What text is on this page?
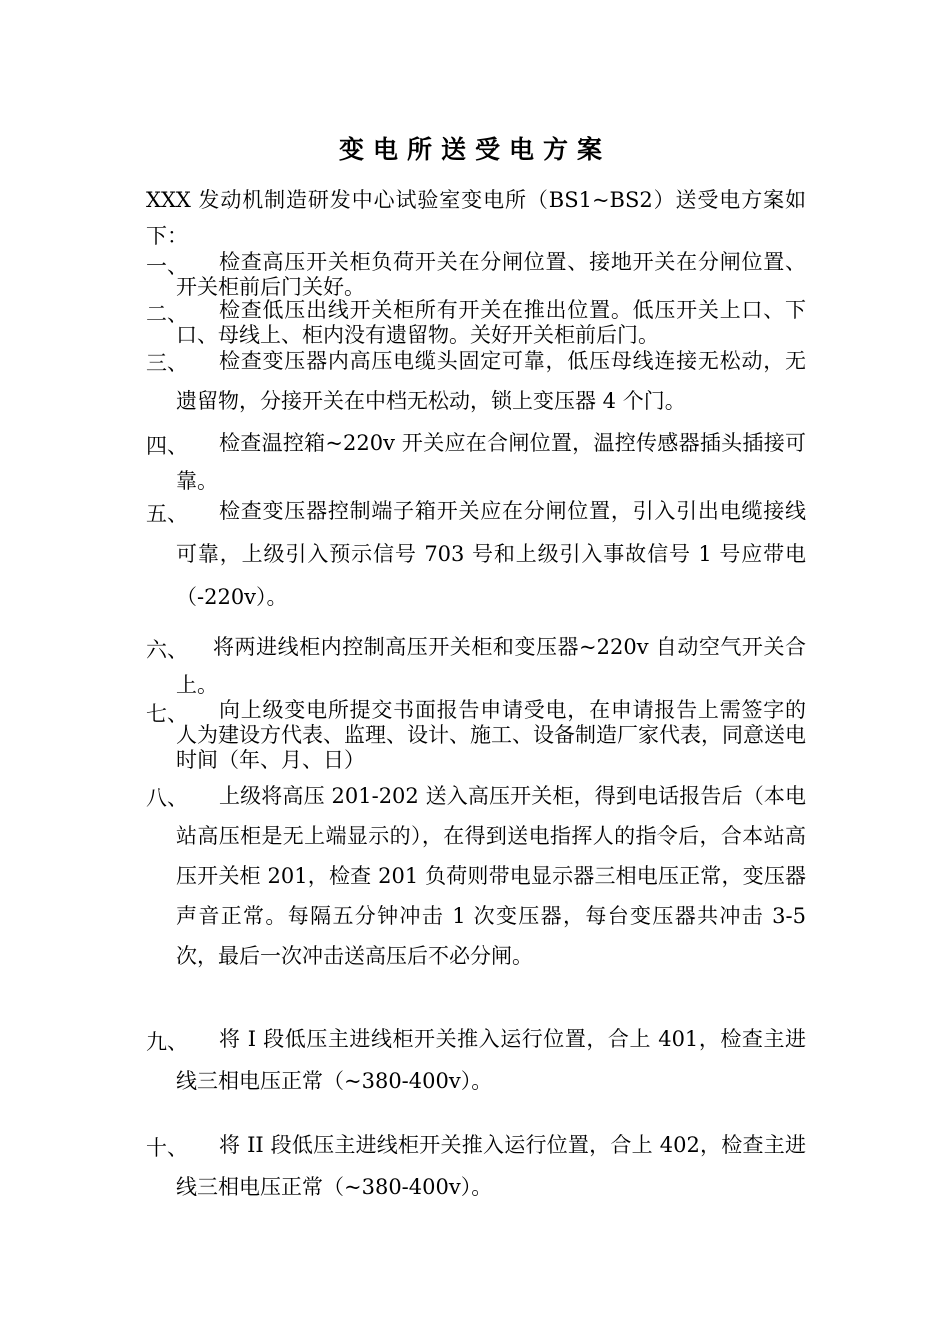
变电所送受电方案
XXX 发动机制造研发中心试验室变电所（BS1~BS2）送受电方案如下：
一、	检查高压开关柜负荷开关在分闸位置、接地开关在分闸位置、开关柜前后门关好。

二、	检查低压出线开关柜所有开关在推出位置。低压开关上口、下口、母线上、柜内没有遗留物。关好开关柜前后门。

三、	检查变压器内高压电缆头固定可靠，低压母线连接无松动，无遗留物，分接开关在中档无松动，锁上变压器 4 个门。

四、	检查温控箱~220v 开关应在合闸位置，温控传感器插头插接可靠。

五、	检查变压器控制端子箱开关应在分闸位置，引入引出电缆接线可靠，上级引入预示信号 703 号和上级引入事故信号 1 号应带电（-220v）。

六、	将两进线柜内控制高压开关柜和变压器~220v 自动空气开关合上。

七、	向上级变电所提交书面报告申请受电，在申请报告上需签字的人为建设方代表、监理、设计、施工、设备制造厂家代表，同意送电时间（年、月、日）

八、	上级将高压 201-202 送入高压开关柜，得到电话报告后（本电站高压柜是无上端显示的），在得到送电指挥人的指令后，合本站高压开关柜 201，检查 201 负荷则带电显示器三相电压正常，变压器声音正常。每隔五分钟冲击 1 次变压器，每台变压器共冲击 3-5 次，最后一次冲击送高压后不必分闸。

九、	将 I 段低压主进线柜开关推入运行位置，合上 401，检查主进线三相电压正常（~380-400v）。

十、	将 II 段低压主进线柜开关推入运行位置，合上 402，检查主进线三相电压正常（~380-400v）。
